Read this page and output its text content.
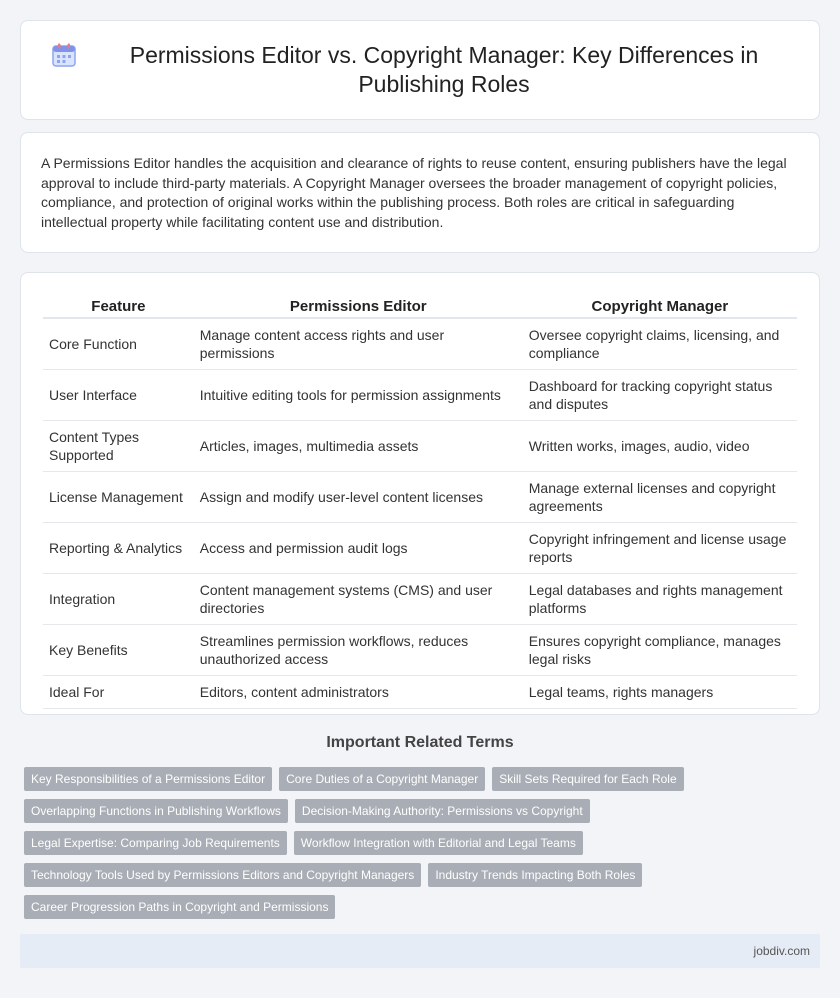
Permissions Editor vs. Copyright Manager: Key Differences in Publishing Roles

A Permissions Editor handles the acquisition and clearance of rights to reuse content, ensuring publishers have the legal approval to include third-party materials. A Copyright Manager oversees the broader management of copyright policies, compliance, and protection of original works within the publishing process. Both roles are critical in safeguarding intellectual property while facilitating content use and distribution.

Feature	Permissions Editor	Copyright Manager
Core Function	Manage content access rights and user permissions	Oversee copyright claims, licensing, and compliance
User Interface	Intuitive editing tools for permission assignments	Dashboard for tracking copyright status and disputes
Content Types Supported	Articles, images, multimedia assets	Written works, images, audio, video
License Management	Assign and modify user-level content licenses	Manage external licenses and copyright agreements
Reporting & Analytics	Access and permission audit logs	Copyright infringement and license usage reports
Integration	Content management systems (CMS) and user directories	Legal databases and rights management platforms
Key Benefits	Streamlines permission workflows, reduces unauthorized access	Ensures copyright compliance, manages legal risks
Ideal For	Editors, content administrators	Legal teams, rights managers
Important Related Terms
Key Responsibilities of a Permissions Editor	Core Duties of a Copyright Manager	Skill Sets Required for Each Role
Overlapping Functions in Publishing Workflows	Decision-Making Authority: Permissions vs Copyright
Legal Expertise: Comparing Job Requirements	Workflow Integration with Editorial and Legal Teams
Technology Tools Used by Permissions Editors and Copyright Managers	Industry Trends Impacting Both Roles
Career Progression Paths in Copyright and Permissions
jobdiv.com
